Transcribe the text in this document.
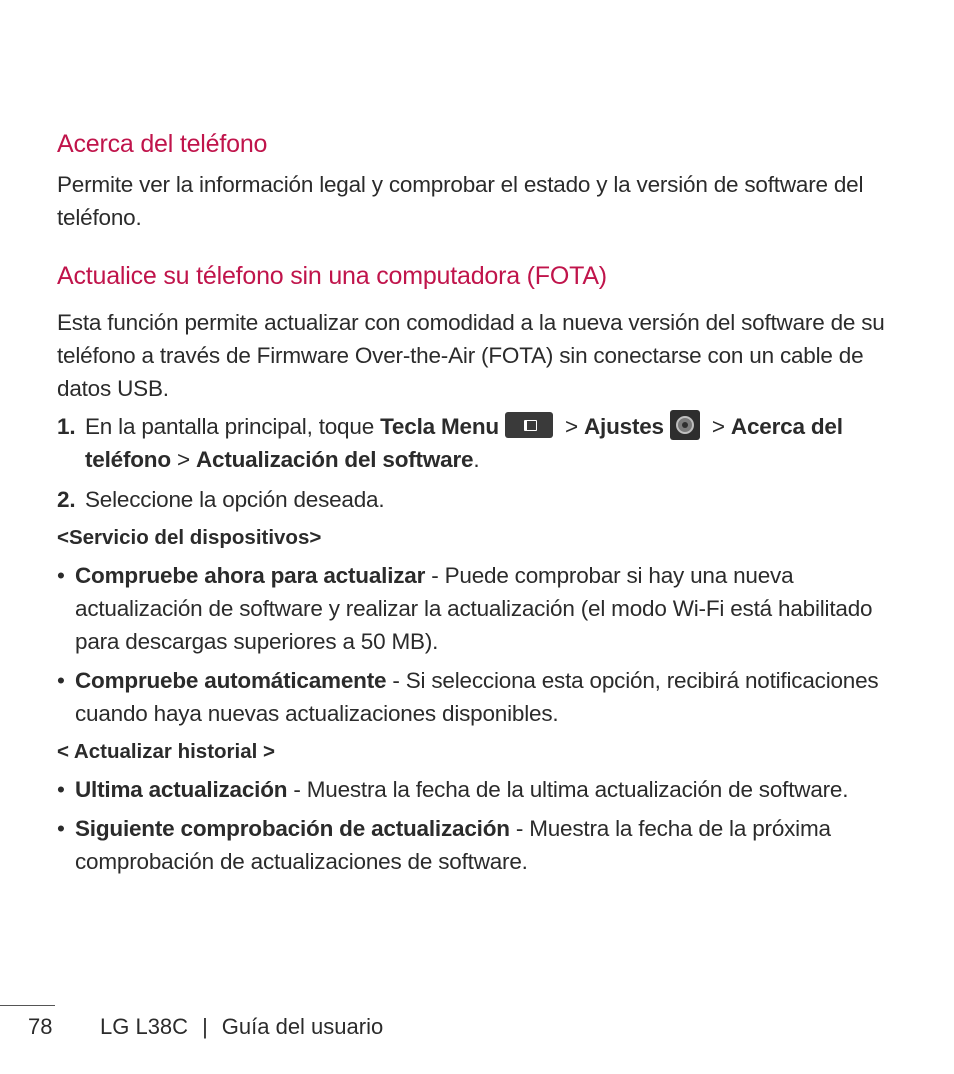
Acerca del teléfono

Permite ver la información legal y comprobar el estado y la versión de software del teléfono.

Actualice su télefono sin una computadora (FOTA)

Esta función permite actualizar con comodidad a la nueva versión del software de su teléfono a través de Firmware Over-the-Air (FOTA) sin conectarse con un cable de datos USB.

1. En la pantalla principal, toque Tecla Menu	> Ajustes > Acerca del teléfono > Actualización del software.
2. Seleccione la opción deseada.
<Servicio del dispositivos>
• Compruebe ahora para actualizar - Puede comprobar si hay una nueva actualización de software y realizar la actualización (el modo Wi-Fi está habilitado para descargas superiores a 50 MB).
• Compruebe automáticamente - Si selecciona esta opción, recibirá notificaciones cuando haya nuevas actualizaciones disponibles.
< Actualizar historial >
• Ultima actualización - Muestra la fecha de la ultima actualización de software.
• Siguiente comprobación de actualización - Muestra la fecha de la próxima comprobación de actualizaciones de software.
78	LG L38C | Guía del usuario
